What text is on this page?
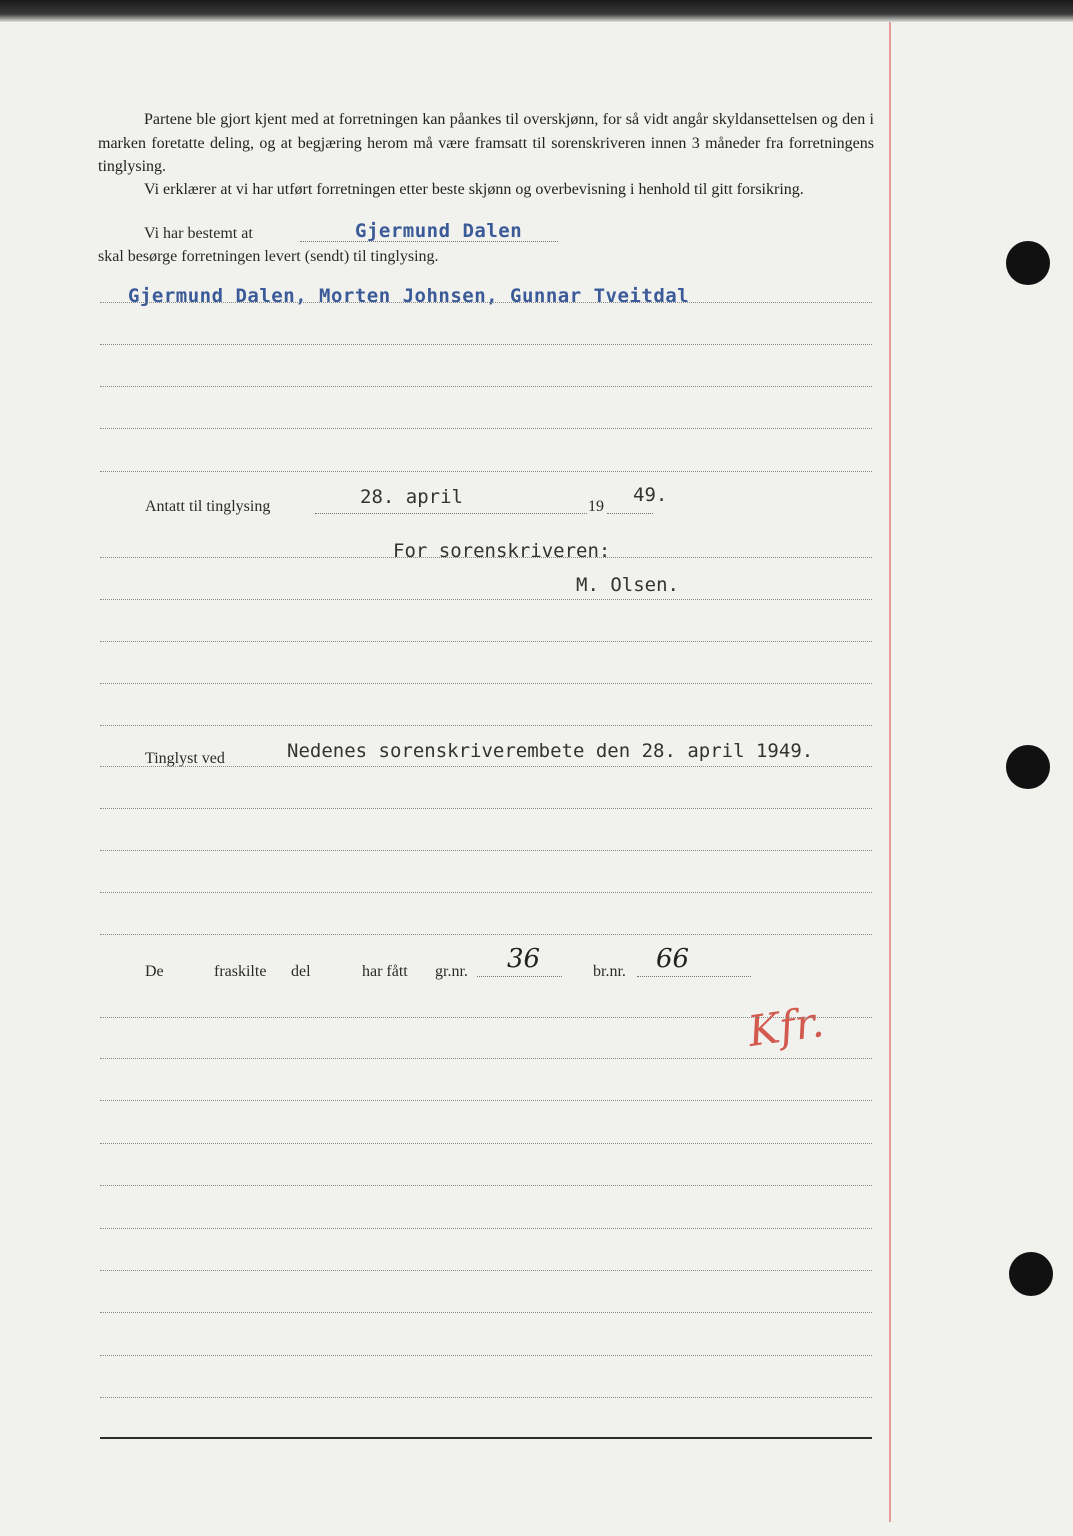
Partene ble gjort kjent med at forretningen kan påankes til overskjønn, for så vidt angår skyldansettelsen og den i marken foretatte deling, og at begjæring herom må være framsatt til sorenskriveren innen 3 måneder fra forretningens tinglysing.

Vi erklærer at vi har utført forretningen etter beste skjønn og overbevisning i henhold til gitt forsikring.

Vi har bestemt at	Gjermund Dalen
skal besørge forretningen levert (sendt) til tinglysing.
Gjermund Dalen, Morten Johnsen, Gunnar Tveitdal
Antatt til tinglysing	28. april	19
49.
For sorenskriveren:
M. Olsen.
Tinglyst ved	Nedenes sorenskriverembete den 28. april 1949.
De	fraskilte del	har fått gr.nr. 36	br.nr. 66
Kfr.
